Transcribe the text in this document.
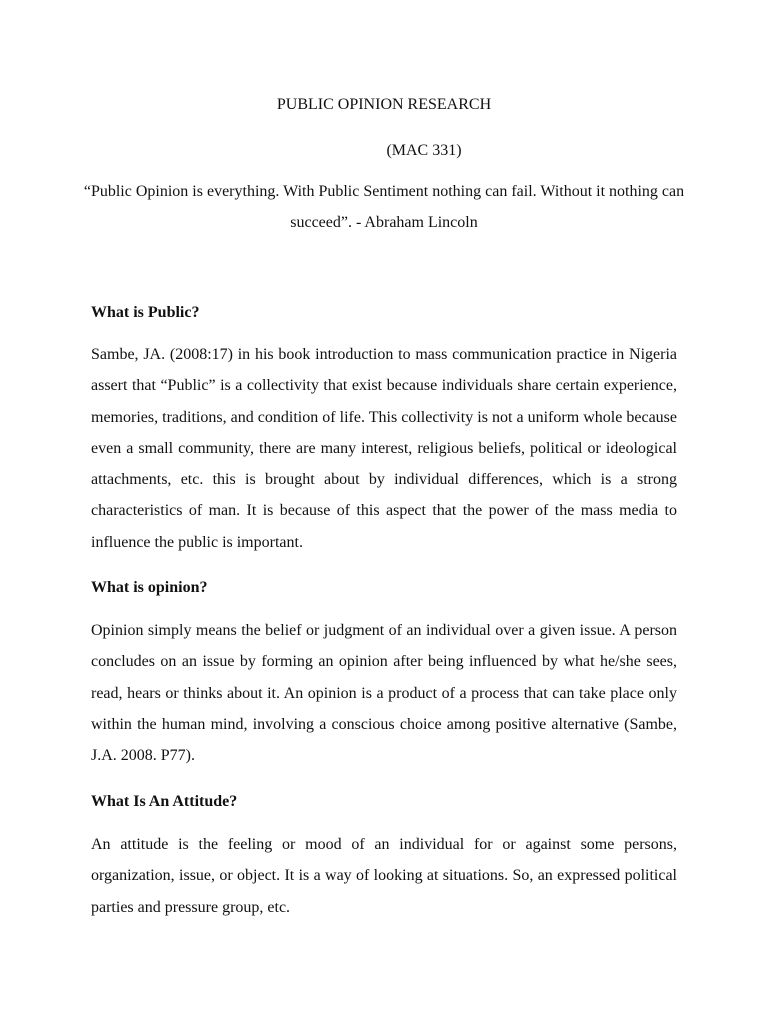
PUBLIC OPINION RESEARCH
(MAC 331)
“Public Opinion is everything. With Public Sentiment nothing can fail. Without it nothing can succeed”. - Abraham Lincoln
What is Public?
Sambe, JA. (2008:17) in his book introduction to mass communication practice in Nigeria assert that “Public” is a collectivity that exist because individuals share certain experience, memories, traditions, and condition of life. This collectivity is not a uniform whole because even a small community, there are many interest, religious beliefs, political or ideological attachments, etc. this is brought about by individual differences, which is a strong characteristics of man. It is because of this aspect that the power of the mass media to influence the public is important.
What is opinion?
Opinion simply means the belief or judgment of an individual over a given issue. A person concludes on an issue by forming an opinion after being influenced by what he/she sees, read, hears or thinks about it. An opinion is a product of a process that can take place only within the human mind, involving a conscious choice among positive alternative (Sambe, J.A. 2008. P77).
What Is An Attitude?
An attitude is the feeling or mood of an individual for or against some persons, organization, issue, or object. It is a way of looking at situations. So, an expressed political parties and pressure group, etc.
